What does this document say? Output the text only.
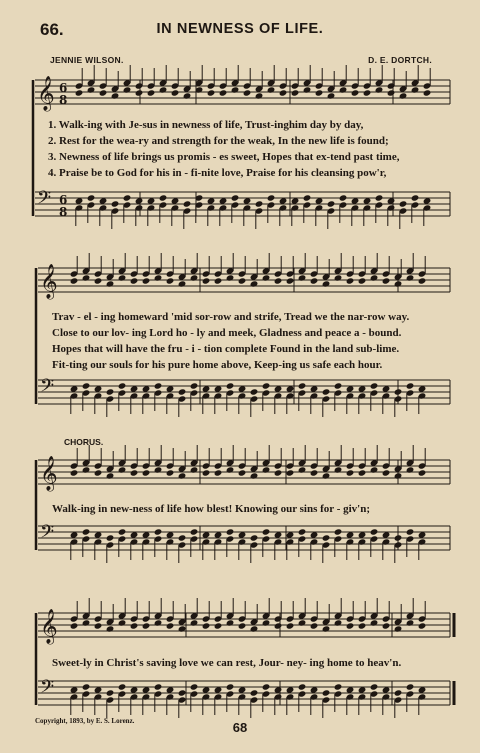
66.	IN NEWNESS OF LIFE.
JENNIE WILSON.	D. E. DORTCH.
𝄞 6
8
𝄢 6
8
𝄞
𝄢
𝄞
𝄢
𝄞
𝄢
1. Walk-ing with Je-sus in newness of life, Trust-inghim day by day,
2. Rest for the wea-ry and strength for the weak, In the new life is found;
3. Newness of life brings us promis - es sweet, Hopes that ex-tend past time,
4. Praise be to God for his in - fi-nite love, Praise for his cleansing pow'r,
Trav - el - ing homeward 'mid sor-row and strife, Tread we the nar-row way.
Close to our lov- ing Lord ho - ly and meek, Gladness and peace a - bound.
Hopes that will have the fru - i - tion complete Found in the land sub-lime.
Fit-ting our souls for his pure home above, Keep-ing us safe each hour.
CHORUS.
Walk-ing in new-ness of life how blest! Knowing our sins for - giv'n;
Sweet-ly in Christ's saving love we can rest, Jour- ney- ing home to heav'n.
Copyright, 1893, by E. S. Lorenz.	68
